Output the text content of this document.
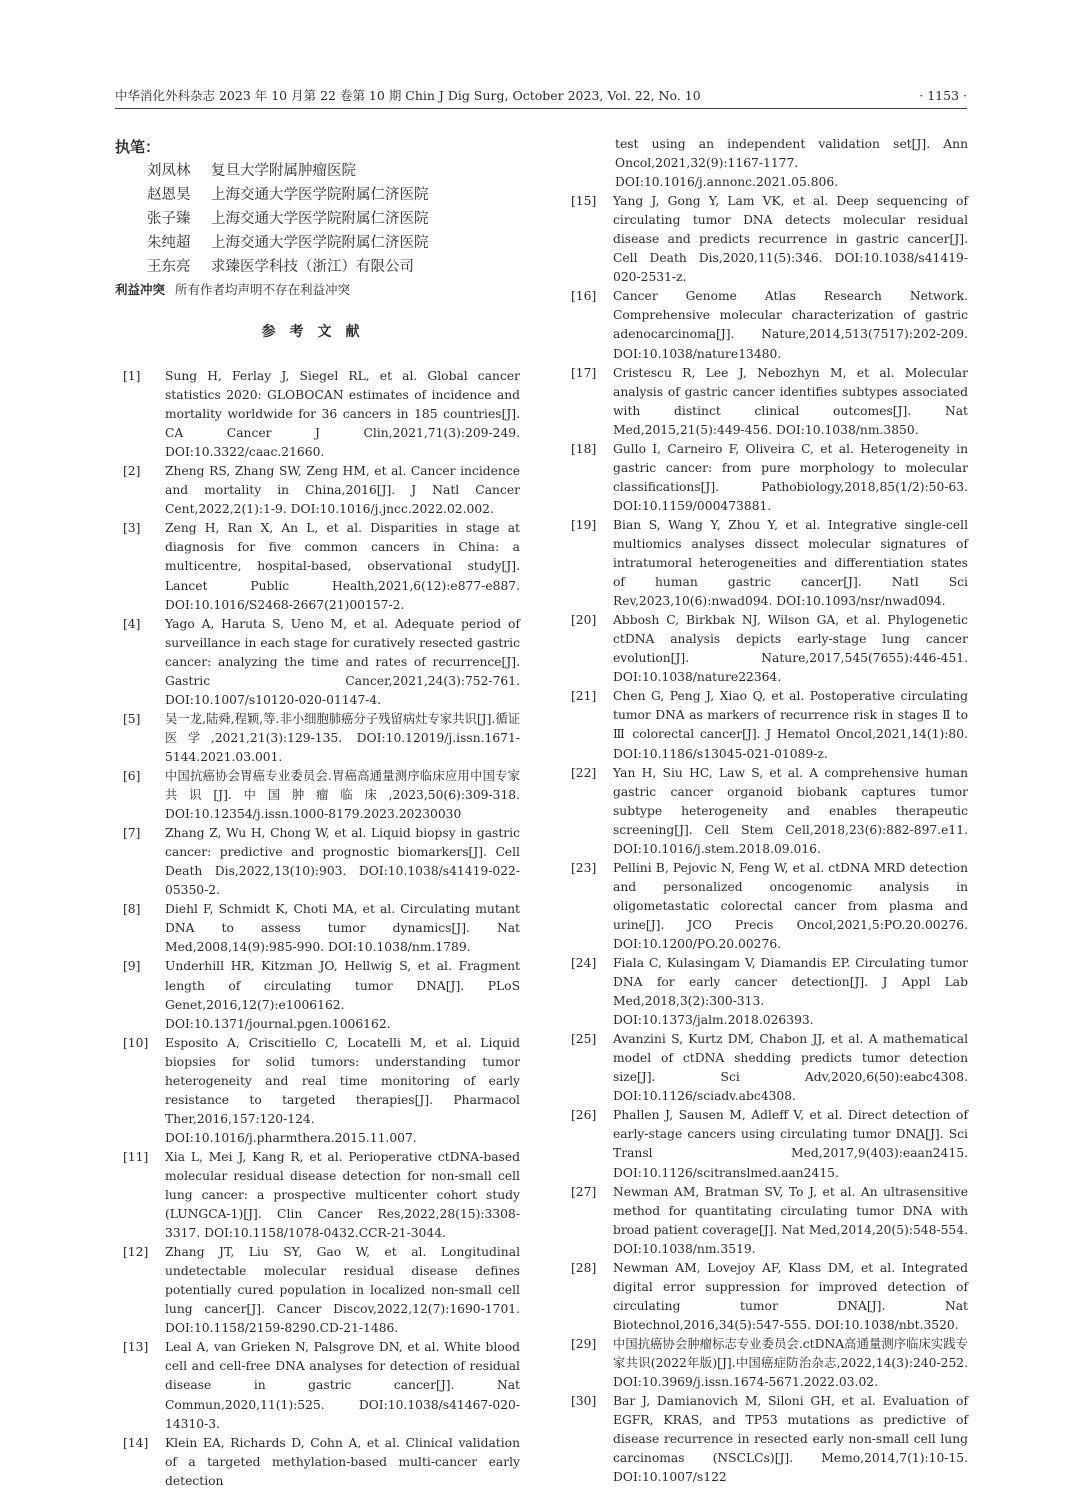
中华消化外科杂志 2023 年 10 月第 22 卷第 10 期 Chin J Dig Surg, October 2023, Vol. 22, No. 10	· 1153 ·
执笔：
刘凤林 复旦大学附属肿瘤医院
赵恩昊 上海交通大学医学院附属仁济医院
张子臻 上海交通大学医学院附属仁济医院
朱纯超 上海交通大学医学院附属仁济医院
王东亮 求臻医学科技（浙江）有限公司
利益冲突 所有作者均声明不存在利益冲突
参考文献
[1] Sung H, Ferlay J, Siegel RL, et al. Global cancer statistics 2020: GLOBOCAN estimates of incidence and mortality worldwide for 36 cancers in 185 countries[J]. CA Cancer J Clin,2021,71(3):209-249. DOI:10.3322/caac.21660.
[2] Zheng RS, Zhang SW, Zeng HM, et al. Cancer incidence and mortality in China,2016[J]. J Natl Cancer Cent,2022,2(1):1-9. DOI:10.1016/j.jncc.2022.02.002.
[3] Zeng H, Ran X, An L, et al. Disparities in stage at diagnosis for five common cancers in China: a multicentre, hospital-based, observational study[J]. Lancet Public Health,2021,6(12):e877-e887. DOI:10.1016/S2468-2667(21)00157-2.
[4] Yago A, Haruta S, Ueno M, et al. Adequate period of surveillance in each stage for curatively resected gastric cancer: analyzing the time and rates of recurrence[J]. Gastric Cancer,2021,24(3):752-761. DOI:10.1007/s10120-020-01147-4.
[5] 吴一龙,陆舜,程颖,等.非小细胞肺癌分子残留病灶专家共识[J].循证医学,2021,21(3):129-135. DOI:10.12019/j.issn.1671-5144.2021.03.001.
[6] 中国抗癌协会胃癌专业委员会.胃癌高通量测序临床应用中国专家共识[J].中国肿瘤临床,2023,50(6):309-318. DOI:10.12354/j.issn.1000-8179.2023.20230030
[7] Zhang Z, Wu H, Chong W, et al. Liquid biopsy in gastric cancer: predictive and prognostic biomarkers[J]. Cell Death Dis,2022,13(10):903. DOI:10.1038/s41419-022-05350-2.
[8] Diehl F, Schmidt K, Choti MA, et al. Circulating mutant DNA to assess tumor dynamics[J]. Nat Med,2008,14(9):985-990. DOI:10.1038/nm.1789.
[9] Underhill HR, Kitzman JO, Hellwig S, et al. Fragment length of circulating tumor DNA[J]. PLoS Genet,2016,12(7):e1006162. DOI:10.1371/journal.pgen.1006162.
[10] Esposito A, Criscitiello C, Locatelli M, et al. Liquid biopsies for solid tumors: understanding tumor heterogeneity and real time monitoring of early resistance to targeted therapies[J]. Pharmacol Ther,2016,157:120-124. DOI:10.1016/j.pharmthera.2015.11.007.
[11] Xia L, Mei J, Kang R, et al. Perioperative ctDNA-based molecular residual disease detection for non-small cell lung cancer: a prospective multicenter cohort study (LUNGCA-1)[J]. Clin Cancer Res,2022,28(15):3308-3317. DOI:10.1158/1078-0432.CCR-21-3044.
[12] Zhang JT, Liu SY, Gao W, et al. Longitudinal undetectable molecular residual disease defines potentially cured population in localized non-small cell lung cancer[J]. Cancer Discov,2022,12(7):1690-1701. DOI:10.1158/2159-8290.CD-21-1486.
[13] Leal A, van Grieken N, Palsgrove DN, et al. White blood cell and cell-free DNA analyses for detection of residual disease in gastric cancer[J]. Nat Commun,2020,11(1):525. DOI:10.1038/s41467-020-14310-3.
[14] Klein EA, Richards D, Cohn A, et al. Clinical validation of a targeted methylation-based multi-cancer early detection
test using an independent validation set[J]. Ann Oncol,2021,32(9):1167-1177. DOI:10.1016/j.annonc.2021.05.806.
[15] Yang J, Gong Y, Lam VK, et al. Deep sequencing of circulating tumor DNA detects molecular residual disease and predicts recurrence in gastric cancer[J]. Cell Death Dis,2020,11(5):346. DOI:10.1038/s41419-020-2531-z.
[16] Cancer Genome Atlas Research Network. Comprehensive molecular characterization of gastric adenocarcinoma[J]. Nature,2014,513(7517):202-209. DOI:10.1038/nature13480.
[17] Cristescu R, Lee J, Nebozhyn M, et al. Molecular analysis of gastric cancer identifies subtypes associated with distinct clinical outcomes[J]. Nat Med,2015,21(5):449-456. DOI:10.1038/nm.3850.
[18] Gullo I, Carneiro F, Oliveira C, et al. Heterogeneity in gastric cancer: from pure morphology to molecular classifications[J]. Pathobiology,2018,85(1/2):50-63. DOI:10.1159/000473881.
[19] Bian S, Wang Y, Zhou Y, et al. Integrative single-cell multiomics analyses dissect molecular signatures of intratumoral heterogeneities and differentiation states of human gastric cancer[J]. Natl Sci Rev,2023,10(6):nwad094. DOI:10.1093/nsr/nwad094.
[20] Abbosh C, Birkbak NJ, Wilson GA, et al. Phylogenetic ctDNA analysis depicts early-stage lung cancer evolution[J]. Nature,2017,545(7655):446-451. DOI:10.1038/nature22364.
[21] Chen G, Peng J, Xiao Q, et al. Postoperative circulating tumor DNA as markers of recurrence risk in stages Ⅱ to Ⅲ colorectal cancer[J]. J Hematol Oncol,2021,14(1):80. DOI:10.1186/s13045-021-01089-z.
[22] Yan H, Siu HC, Law S, et al. A comprehensive human gastric cancer organoid biobank captures tumor subtype heterogeneity and enables therapeutic screening[J]. Cell Stem Cell,2018,23(6):882-897.e11. DOI:10.1016/j.stem.2018.09.016.
[23] Pellini B, Pejovic N, Feng W, et al. ctDNA MRD detection and personalized oncogenomic analysis in oligometastatic colorectal cancer from plasma and urine[J]. JCO Precis Oncol,2021,5:PO.20.00276. DOI:10.1200/PO.20.00276.
[24] Fiala C, Kulasingam V, Diamandis EP. Circulating tumor DNA for early cancer detection[J]. J Appl Lab Med,2018,3(2):300-313. DOI:10.1373/jalm.2018.026393.
[25] Avanzini S, Kurtz DM, Chabon JJ, et al. A mathematical model of ctDNA shedding predicts tumor detection size[J]. Sci Adv,2020,6(50):eabc4308. DOI:10.1126/sciadv.abc4308.
[26] Phallen J, Sausen M, Adleff V, et al. Direct detection of early-stage cancers using circulating tumor DNA[J]. Sci Transl Med,2017,9(403):eaan2415. DOI:10.1126/scitranslmed.aan2415.
[27] Newman AM, Bratman SV, To J, et al. An ultrasensitive method for quantitating circulating tumor DNA with broad patient coverage[J]. Nat Med,2014,20(5):548-554. DOI:10.1038/nm.3519.
[28] Newman AM, Lovejoy AF, Klass DM, et al. Integrated digital error suppression for improved detection of circulating tumor DNA[J]. Nat Biotechnol,2016,34(5):547-555. DOI:10.1038/nbt.3520.
[29] 中国抗癌协会肿瘤标志专业委员会.ctDNA高通量测序临床实践专家共识(2022年版)[J].中国癌症防治杂志,2022,14(3):240-252. DOI:10.3969/j.issn.1674-5671.2022.03.02.
[30] Bar J, Damianovich M, Siloni GH, et al. Evaluation of EGFR, KRAS, and TP53 mutations as predictive of disease recurrence in resected early non-small cell lung carcinomas (NSCLCs)[J]. Memo,2014,7(1):10-15. DOI:10.1007/s122
